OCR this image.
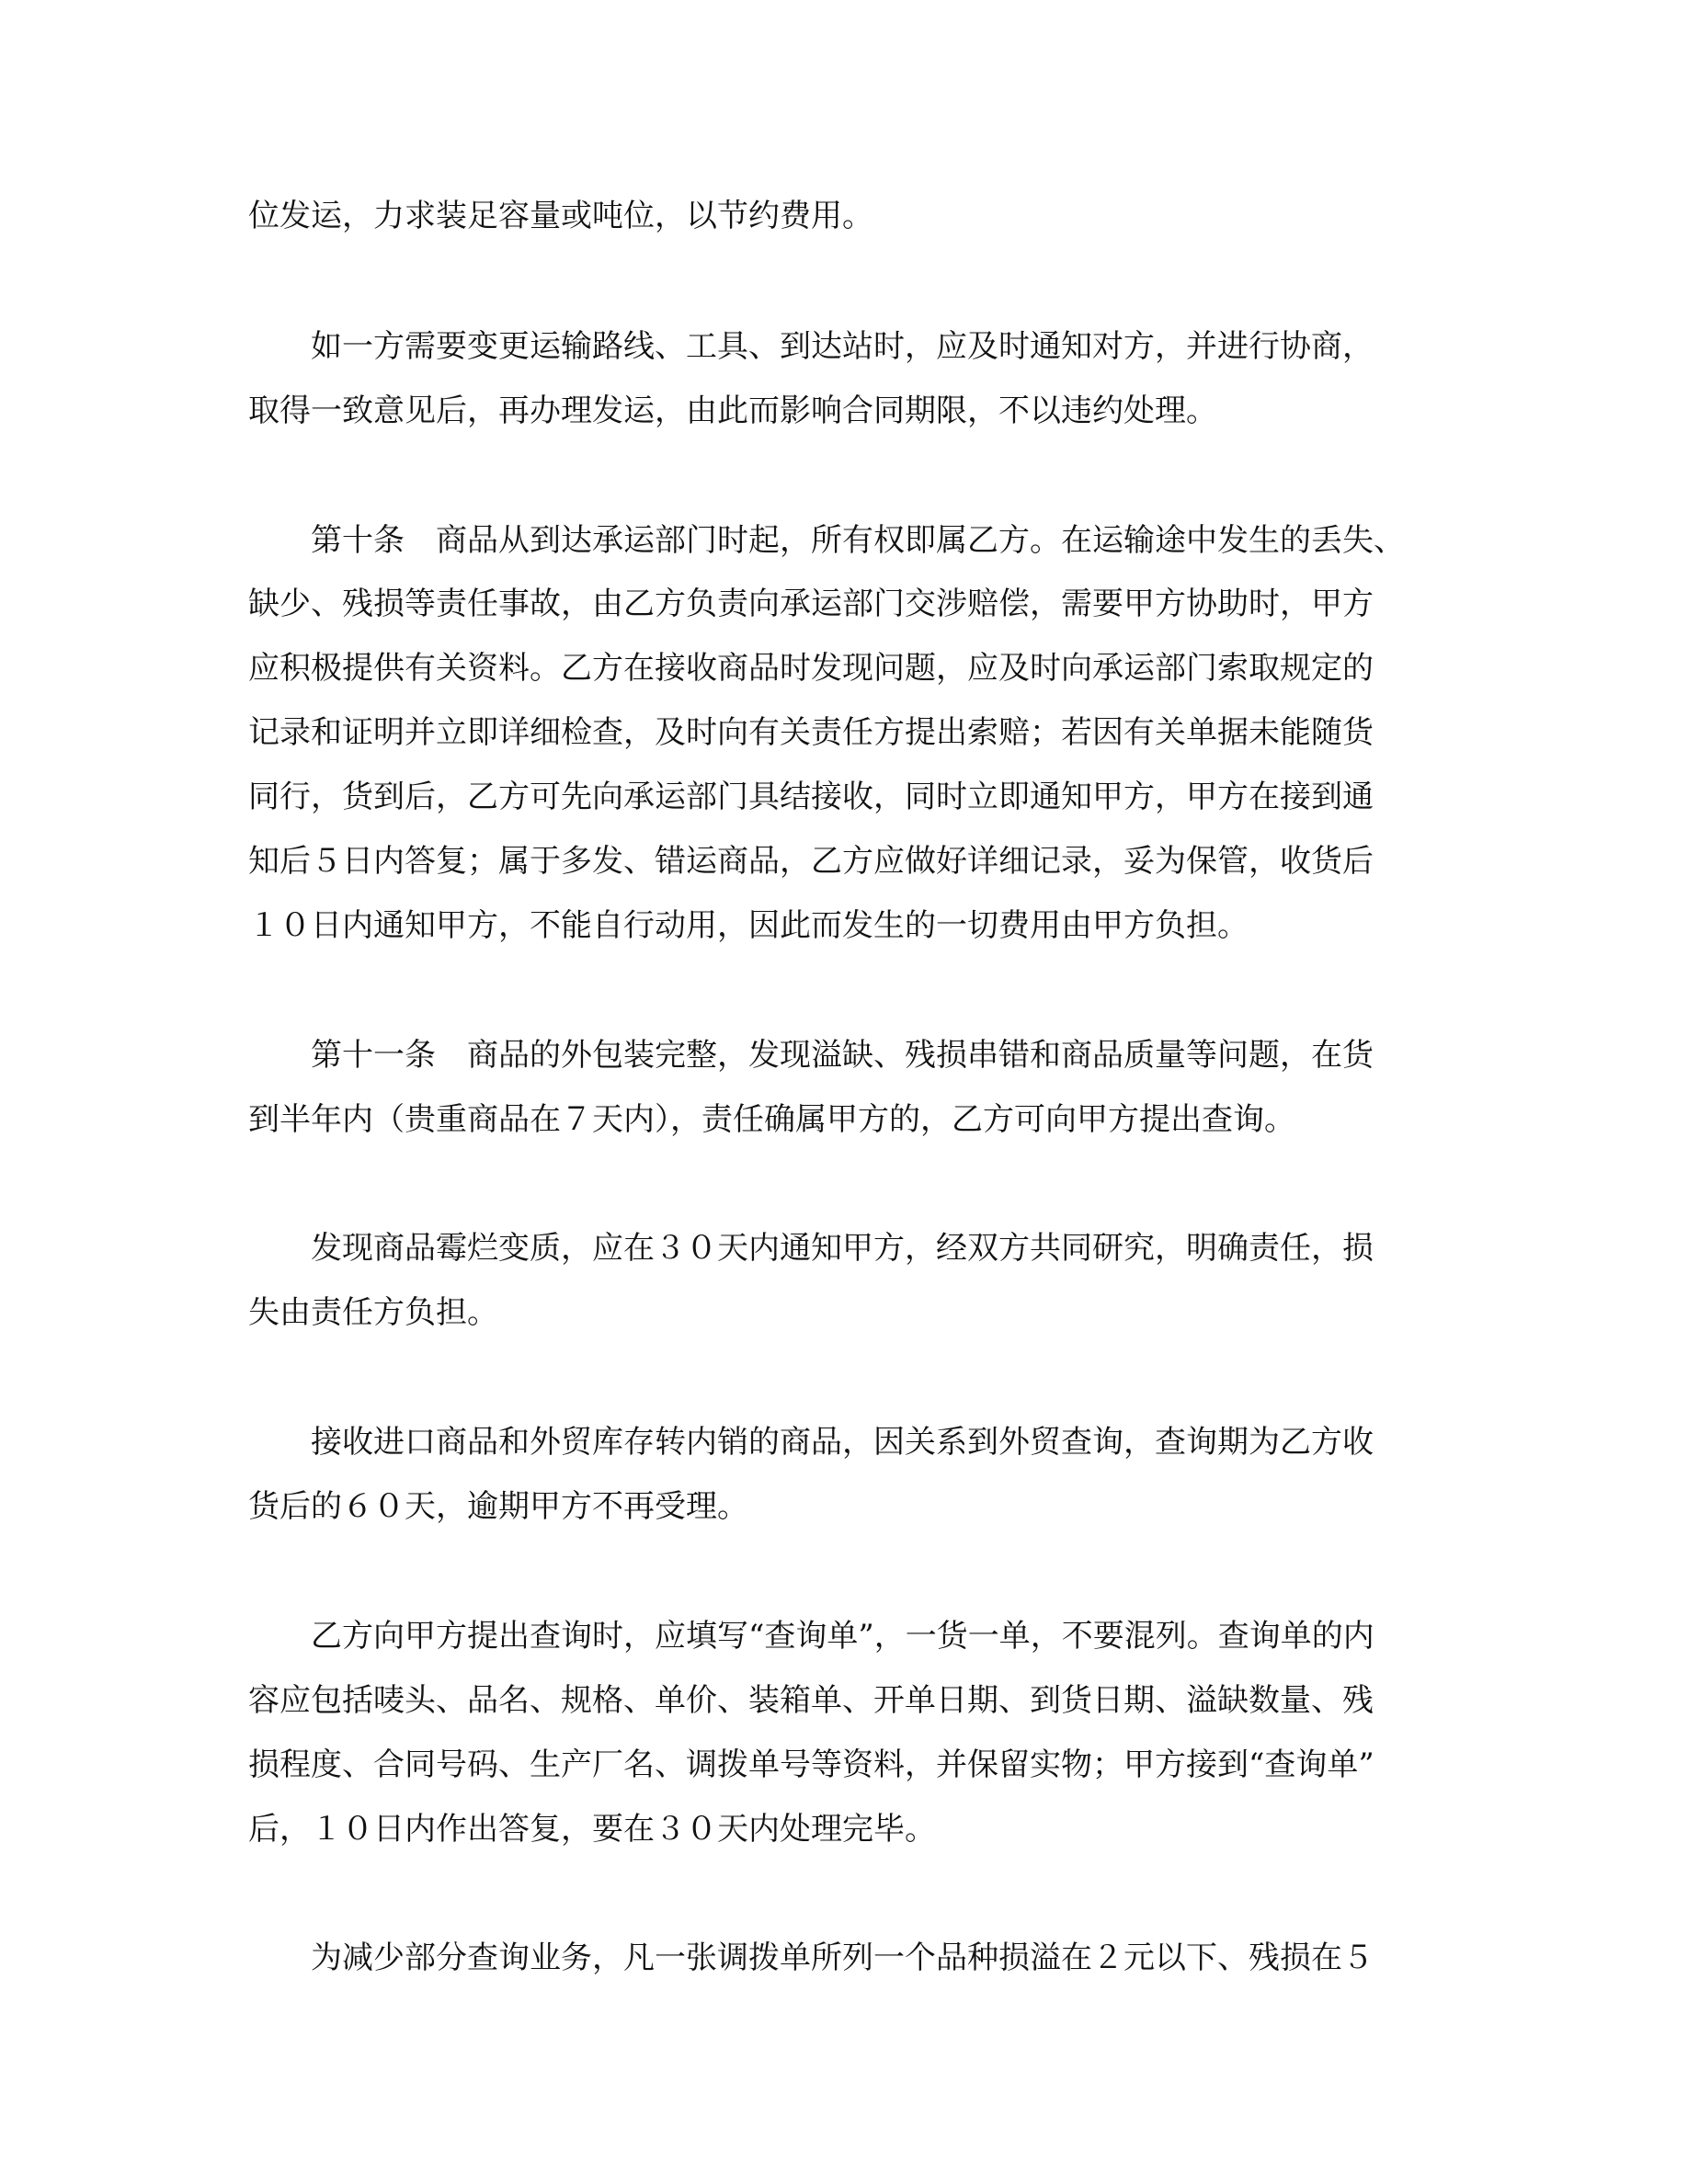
位发运，力求装足容量或吨位，以节约费用。
　　如一方需要变更运输路线、工具、到达站时，应及时通知对方，并进行协商，
取得一致意见后，再办理发运，由此而影响合同期限，不以违约处理。
　　第十条　商品从到达承运部门时起，所有权即属乙方。在运输途中发生的丢失、
缺少、残损等责任事故，由乙方负责向承运部门交涉赔偿，需要甲方协助时，甲方
应积极提供有关资料。乙方在接收商品时发现问题，应及时向承运部门索取规定的
记录和证明并立即详细检查，及时向有关责任方提出索赔；若因有关单据未能随货
同行，货到后，乙方可先向承运部门具结接收，同时立即通知甲方，甲方在接到通
知后５日内答复；属于多发、错运商品，乙方应做好详细记录，妥为保管，收货后
１０日内通知甲方，不能自行动用，因此而发生的一切费用由甲方负担。
　　第十一条　商品的外包装完整，发现溢缺、残损串错和商品质量等问题，在货
到半年内（贵重商品在７天内），责任确属甲方的，乙方可向甲方提出查询。
　　发现商品霉烂变质，应在３０天内通知甲方，经双方共同研究，明确责任，损
失由责任方负担。
　　接收进口商品和外贸库存转内销的商品，因关系到外贸查询，查询期为乙方收
货后的６０天，逾期甲方不再受理。
　　乙方向甲方提出查询时，应填写“查询单”，一货一单，不要混列。查询单的内
容应包括唛头、品名、规格、单价、装箱单、开单日期、到货日期、溢缺数量、残
损程度、合同号码、生产厂名、调拨单号等资料，并保留实物；甲方接到“查询单”
后，１０日内作出答复，要在３０天内处理完毕。
　　为减少部分查询业务，凡一张调拨单所列一个品种损溢在２元以下、残损在５
